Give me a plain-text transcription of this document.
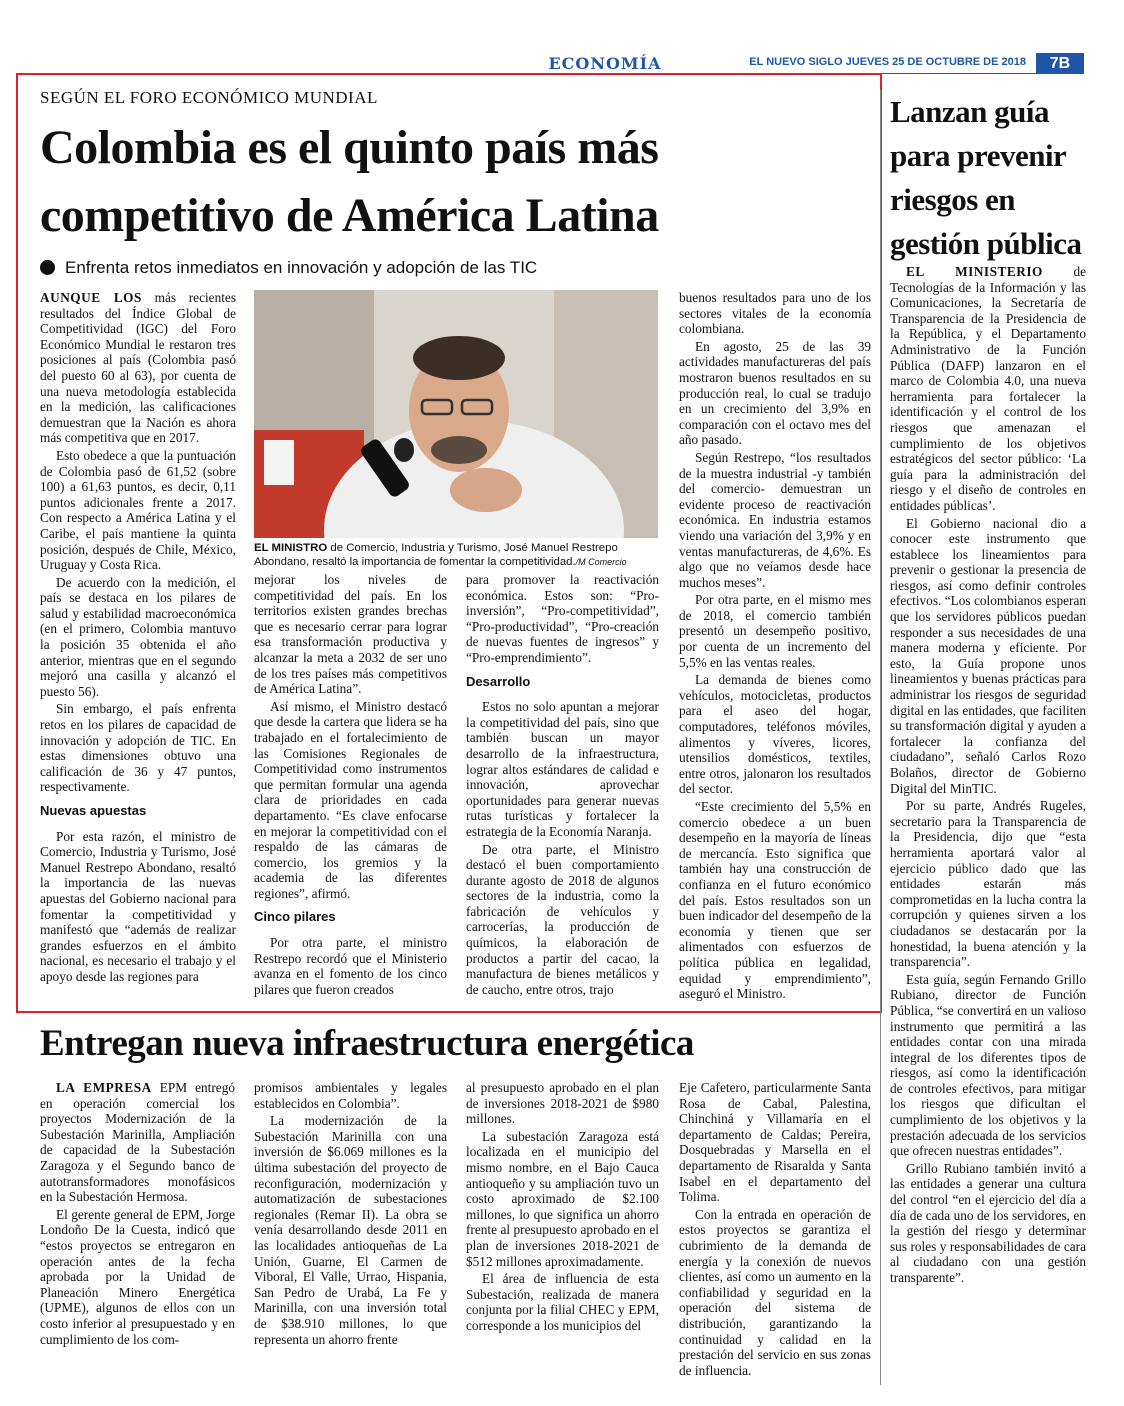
ECONOMÍA	EL NUEVO SIGLO JUEVES 25 DE OCTUBRE DE 2018	7B
SEGÚN EL FORO ECONÓMICO MUNDIAL
Colombia es el quinto país más competitivo de América Latina
Enfrenta retos inmediatos en innovación y adopción de las TIC

AUNQUE LOS más recientes resultados del Índice Global de Competitividad (IGC) del Foro Económico Mundial le restaron tres posiciones al país (Colombia pasó del puesto 60 al 63), por cuenta de una nueva metodología establecida en la medición, las calificaciones demuestran que la Nación es ahora más competitiva que en 2017.

Esto obedece a que la puntuación de Colombia pasó de 61,52 (sobre 100) a 61,63 puntos, es decir, 0,11 puntos adicionales frente a 2017. Con respecto a América Latina y el Caribe, el país mantiene la quinta posición, después de Chile, México, Uruguay y Costa Rica.

De acuerdo con la medición, el país se destaca en los pilares de salud y estabilidad macroeconómica (en el primero, Colombia mantuvo la posición 35 obtenida el año anterior, mientras que en el segundo mejoró una casilla y alcanzó el puesto 56).

Sin embargo, el país enfrenta retos en los pilares de capacidad de innovación y adopción de TIC. En estas dimensiones obtuvo una calificación de 36 y 47 puntos, respectivamente.

Nuevas apuestas

Por esta razón, el ministro de Comercio, Industria y Turismo, José Manuel Restrepo Abondano, resaltó la importancia de las nuevas apuestas del Gobierno nacional para fomentar la competitividad y manifestó que “además de realizar grandes esfuerzos en el ámbito nacional, es necesario el trabajo y el apoyo desde las regiones para

EL MINISTRO de Comercio, Industria y Turismo, José Manuel Restrepo Abondano, resaltó la importancia de fomentar la competitividad./M Comercio

mejorar los niveles de competitividad del país. En los territorios existen grandes brechas que es necesario cerrar para lograr esa transformación productiva y alcanzar la meta a 2032 de ser uno de los tres países más competitivos de América Latina”.

Así mismo, el Ministro destacó que desde la cartera que lidera se ha trabajado en el fortalecimiento de las Comisiones Regionales de Competitividad como instrumentos que permitan formular una agenda clara de prioridades en cada departamento. “Es clave enfocarse en mejorar la competitividad con el respaldo de las cámaras de comercio, los gremios y la academia de las diferentes regiones”, afirmó.

Cinco pilares

Por otra parte, el ministro Restrepo recordó que el Ministerio avanza en el fomento de los cinco pilares que fueron creados

para promover la reactivación económica. Estos son: “Pro-inversión”, “Pro-competitividad”, “Pro-productividad”, “Pro-creación de nuevas fuentes de ingresos” y “Pro-emprendimiento”.

Desarrollo

Estos no solo apuntan a mejorar la competitividad del país, sino que también buscan un mayor desarrollo de la infraestructura, lograr altos estándares de calidad e innovación, aprovechar oportunidades para generar nuevas rutas turísticas y fortalecer la estrategia de la Economía Naranja.

De otra parte, el Ministro destacó el buen comportamiento durante agosto de 2018 de algunos sectores de la industria, como la fabricación de vehículos y carrocerías, la producción de químicos, la elaboración de productos a partir del cacao, la manufactura de bienes metálicos y de caucho, entre otros, trajo

buenos resultados para uno de los sectores vitales de la economía colombiana.

En agosto, 25 de las 39 actividades manufactureras del país mostraron buenos resultados en su producción real, lo cual se tradujo en un crecimiento del 3,9% en comparación con el octavo mes del año pasado.

Según Restrepo, “los resultados de la muestra industrial -y también del comercio- demuestran un evidente proceso de reactivación económica. En industria estamos viendo una variación del 3,9% y en ventas manufactureras, de 4,6%. Es algo que no veíamos desde hace muchos meses”.

Por otra parte, en el mismo mes de 2018, el comercio también presentó un desempeño positivo, por cuenta de un incremento del 5,5% en las ventas reales.

La demanda de bienes como vehículos, motocicletas, productos para el aseo del hogar, computadores, teléfonos móviles, alimentos y víveres, licores, utensilios domésticos, textiles, entre otros, jalonaron los resultados del sector.

“Este crecimiento del 5,5% en comercio obedece a un buen desempeño en la mayoría de líneas de mercancía. Esto significa que también hay una construcción de confianza en el futuro económico del país. Estos resultados son un buen indicador del desempeño de la economía y tienen que ser alimentados con esfuerzos de política pública en legalidad, equidad y emprendimiento”, aseguró el Ministro.

Lanzan guía para prevenir riesgos en gestión pública

EL MINISTERIO de Tecnologías de la Información y las Comunicaciones, la Secretaría de Transparencia de la Presidencia de la República, y el Departamento Administrativo de la Función Pública (DAFP) lanzaron en el marco de Colombia 4.0, una nueva herramienta para fortalecer la identificación y el control de los riesgos que amenazan el cumplimiento de los objetivos estratégicos del sector público: ‘La guía para la administración del riesgo y el diseño de controles en entidades públicas’.

El Gobierno nacional dio a conocer este instrumento que establece los lineamientos para prevenir o gestionar la presencia de riesgos, así como definir controles efectivos. “Los colombianos esperan que los servidores públicos puedan responder a sus necesidades de una manera moderna y eficiente. Por esto, la Guía propone unos lineamientos y buenas prácticas para administrar los riesgos de seguridad digital en las entidades, que faciliten su transformación digital y ayuden a fortalecer la confianza del ciudadano”, señaló Carlos Rozo Bolaños, director de Gobierno Digital del MinTIC.

Por su parte, Andrés Rugeles, secretario para la Transparencia de la Presidencia, dijo que “esta herramienta aportará valor al ejercicio público dado que las entidades estarán más comprometidas en la lucha contra la corrupción y quienes sirven a los ciudadanos se destacarán por la honestidad, la buena atención y la transparencia”.

Esta guía, según Fernando Grillo Rubiano, director de Función Pública, “se convertirá en un valioso instrumento que permitirá a las entidades contar con una mirada integral de los diferentes tipos de riesgos, así como la identificación de controles efectivos, para mitigar los riesgos que dificultan el cumplimiento de los objetivos y la prestación adecuada de los servicios que ofrecen nuestras entidades”.

Grillo Rubiano también invitó a las entidades a generar una cultura del control “en el ejercicio del día a día de cada uno de los servidores, en la gestión del riesgo y determinar sus roles y responsabilidades de cara al ciudadano con una gestión transparente”.

Entregan nueva infraestructura energética

LA EMPRESA EPM entregó en operación comercial los proyectos Modernización de la Subestación Marinilla, Ampliación de capacidad de la Subestación Zaragoza y el Segundo banco de autotransformadores monofásicos en la Subestación Hermosa.

El gerente general de EPM, Jorge Londoño De la Cuesta, indicó que “estos proyectos se entregaron en operación antes de la fecha aprobada por la Unidad de Planeación Minero Energética (UPME), algunos de ellos con un costo inferior al presupuestado y en cumplimiento de los com-

promisos ambientales y legales establecidos en Colombia”.

La modernización de la Subestación Marinilla con una inversión de $6.069 millones es la última subestación del proyecto de reconfiguración, modernización y automatización de subestaciones regionales (Remar II). La obra se venía desarrollando desde 2011 en las localidades antioqueñas de La Unión, Guarne, El Carmen de Viboral, El Valle, Urrao, Hispania, San Pedro de Urabá, La Fe y Marinilla, con una inversión total de $38.910 millones, lo que representa un ahorro frente

al presupuesto aprobado en el plan de inversiones 2018-2021 de $980 millones.

La subestación Zaragoza está localizada en el municipio del mismo nombre, en el Bajo Cauca antioqueño y su ampliación tuvo un costo aproximado de $2.100 millones, lo que significa un ahorro frente al presupuesto aprobado en el plan de inversiones 2018-2021 de $512 millones aproximadamente.

El área de influencia de esta Subestación, realizada de manera conjunta por la filial CHEC y EPM, corresponde a los municipios del

Eje Cafetero, particularmente Santa Rosa de Cabal, Palestina, Chinchiná y Villamaría en el departamento de Caldas; Pereira, Dosquebradas y Marsella en el departamento de Risaralda y Santa Isabel en el departamento del Tolima.

Con la entrada en operación de estos proyectos se garantiza el cubrimiento de la demanda de energía y la conexión de nuevos clientes, así como un aumento en la confiabilidad y seguridad en la operación del sistema de distribución, garantizando la continuidad y calidad en la prestación del servicio en sus zonas de influencia.
